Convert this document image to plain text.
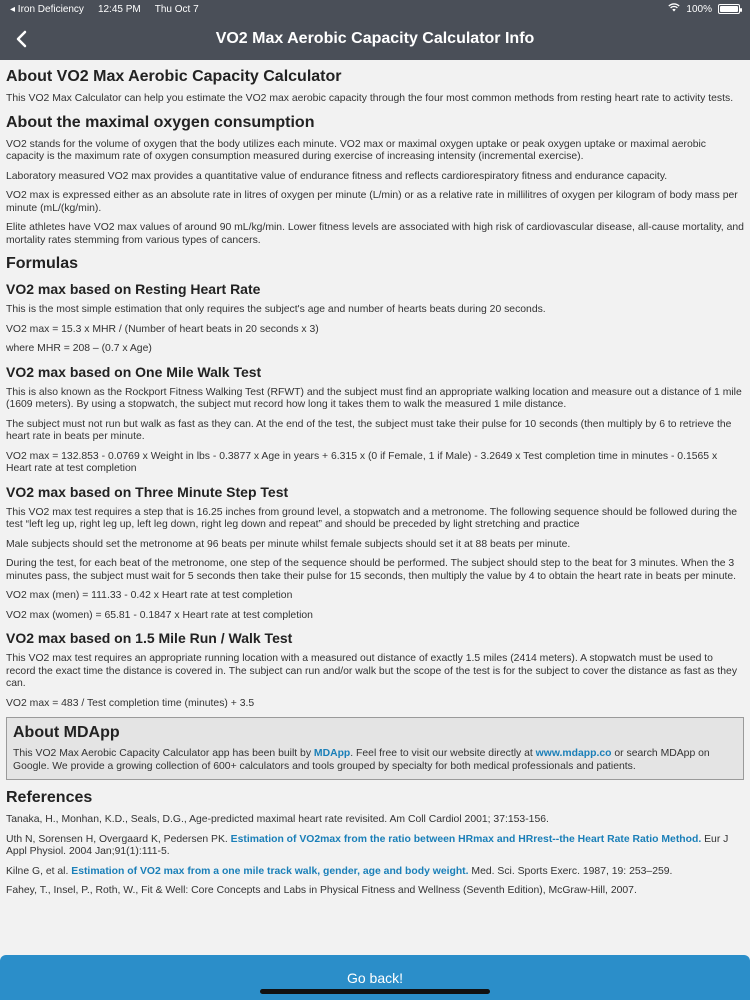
◂ Iron Deficiency 12:45 PM Thu Oct 7	100%
VO2 Max Aerobic Capacity Calculator Info
About VO2 Max Aerobic Capacity Calculator

This VO2 Max Calculator can help you estimate the VO2 max aerobic capacity through the four most common methods from resting heart rate to activity tests.

About the maximal oxygen consumption

VO2 stands for the volume of oxygen that the body utilizes each minute. VO2 max or maximal oxygen uptake or peak oxygen uptake or maximal aerobic capacity is the maximum rate of oxygen consumption measured during exercise of increasing intensity (incremental exercise).

Laboratory measured VO2 max provides a quantitative value of endurance fitness and reflects cardiorespiratory fitness and endurance capacity.

VO2 max is expressed either as an absolute rate in litres of oxygen per minute (L/min) or as a relative rate in millilitres of oxygen per kilogram of body mass per minute (mL/(kg/min).

Elite athletes have VO2 max values of around 90 mL/kg/min. Lower fitness levels are associated with high risk of cardiovascular disease, all-cause mortality, and mortality rates stemming from various types of cancers.

Formulas
VO2 max based on Resting Heart Rate

This is the most simple estimation that only requires the subject's age and number of hearts beats during 20 seconds.

VO2 max = 15.3 x MHR / (Number of heart beats in 20 seconds x 3)

where MHR = 208 – (0.7 x Age)

VO2 max based on One Mile Walk Test

This is also known as the Rockport Fitness Walking Test (RFWT) and the subject must find an appropriate walking location and measure out a distance of 1 mile (1609 meters). By using a stopwatch, the subject mut record how long it takes them to walk the measured 1 mile distance.

The subject must not run but walk as fast as they can. At the end of the test, the subject must take their pulse for 10 seconds (then multiply by 6 to retrieve the heart rate in beats per minute.

VO2 max = 132.853 - 0.0769 x Weight in lbs - 0.3877 x Age in years + 6.315 x (0 if Female, 1 if Male) - 3.2649 x Test completion time in minutes - 0.1565 x Heart rate at test completion

VO2 max based on Three Minute Step Test

This VO2 max test requires a step that is 16.25 inches from ground level, a stopwatch and a metronome. The following sequence should be followed during the test “left leg up, right leg up, left leg down, right leg down and repeat” and should be preceded by light stretching and practice

Male subjects should set the metronome at 96 beats per minute whilst female subjects should set it at 88 beats per minute.

During the test, for each beat of the metronome, one step of the sequence should be performed. The subject should step to the beat for 3 minutes. When the 3 minutes pass, the subject must wait for 5 seconds then take their pulse for 15 seconds, then multiply the value by 4 to obtain the heart rate in beats per minute.

VO2 max (men) = 111.33 - 0.42 x Heart rate at test completion

VO2 max (women) = 65.81 - 0.1847 x Heart rate at test completion

VO2 max based on 1.5 Mile Run / Walk Test

This VO2 max test requires an appropriate running location with a measured out distance of exactly 1.5 miles (2414 meters). A stopwatch must be used to record the exact time the distance is covered in. The subject can run and/or walk but the scope of the test is for the subject to cover the distance as fast as they can.

VO2 max = 483 / Test completion time (minutes) + 3.5

About MDApp

This VO2 Max Aerobic Capacity Calculator app has been built by MDApp. Feel free to visit our website directly at www.mdapp.co or search MDApp on Google. We provide a growing collection of 600+ calculators and tools grouped by specialty for both medical professionals and patients.

References

Tanaka, H., Monhan, K.D., Seals, D.G., Age-predicted maximal heart rate revisited. Am Coll Cardiol 2001; 37:153-156.

Uth N, Sorensen H, Overgaard K, Pedersen PK. Estimation of VO2max from the ratio between HRmax and HRrest--the Heart Rate Ratio Method. Eur J Appl Physiol. 2004 Jan;91(1):111-5.

Kilne G, et al. Estimation of VO2 max from a one mile track walk, gender, age and body weight. Med. Sci. Sports Exerc. 1987, 19: 253–259.

Fahey, T., Insel, P., Roth, W., Fit & Well: Core Concepts and Labs in Physical Fitness and Wellness (Seventh Edition), McGraw-Hill, 2007.

Go back!
